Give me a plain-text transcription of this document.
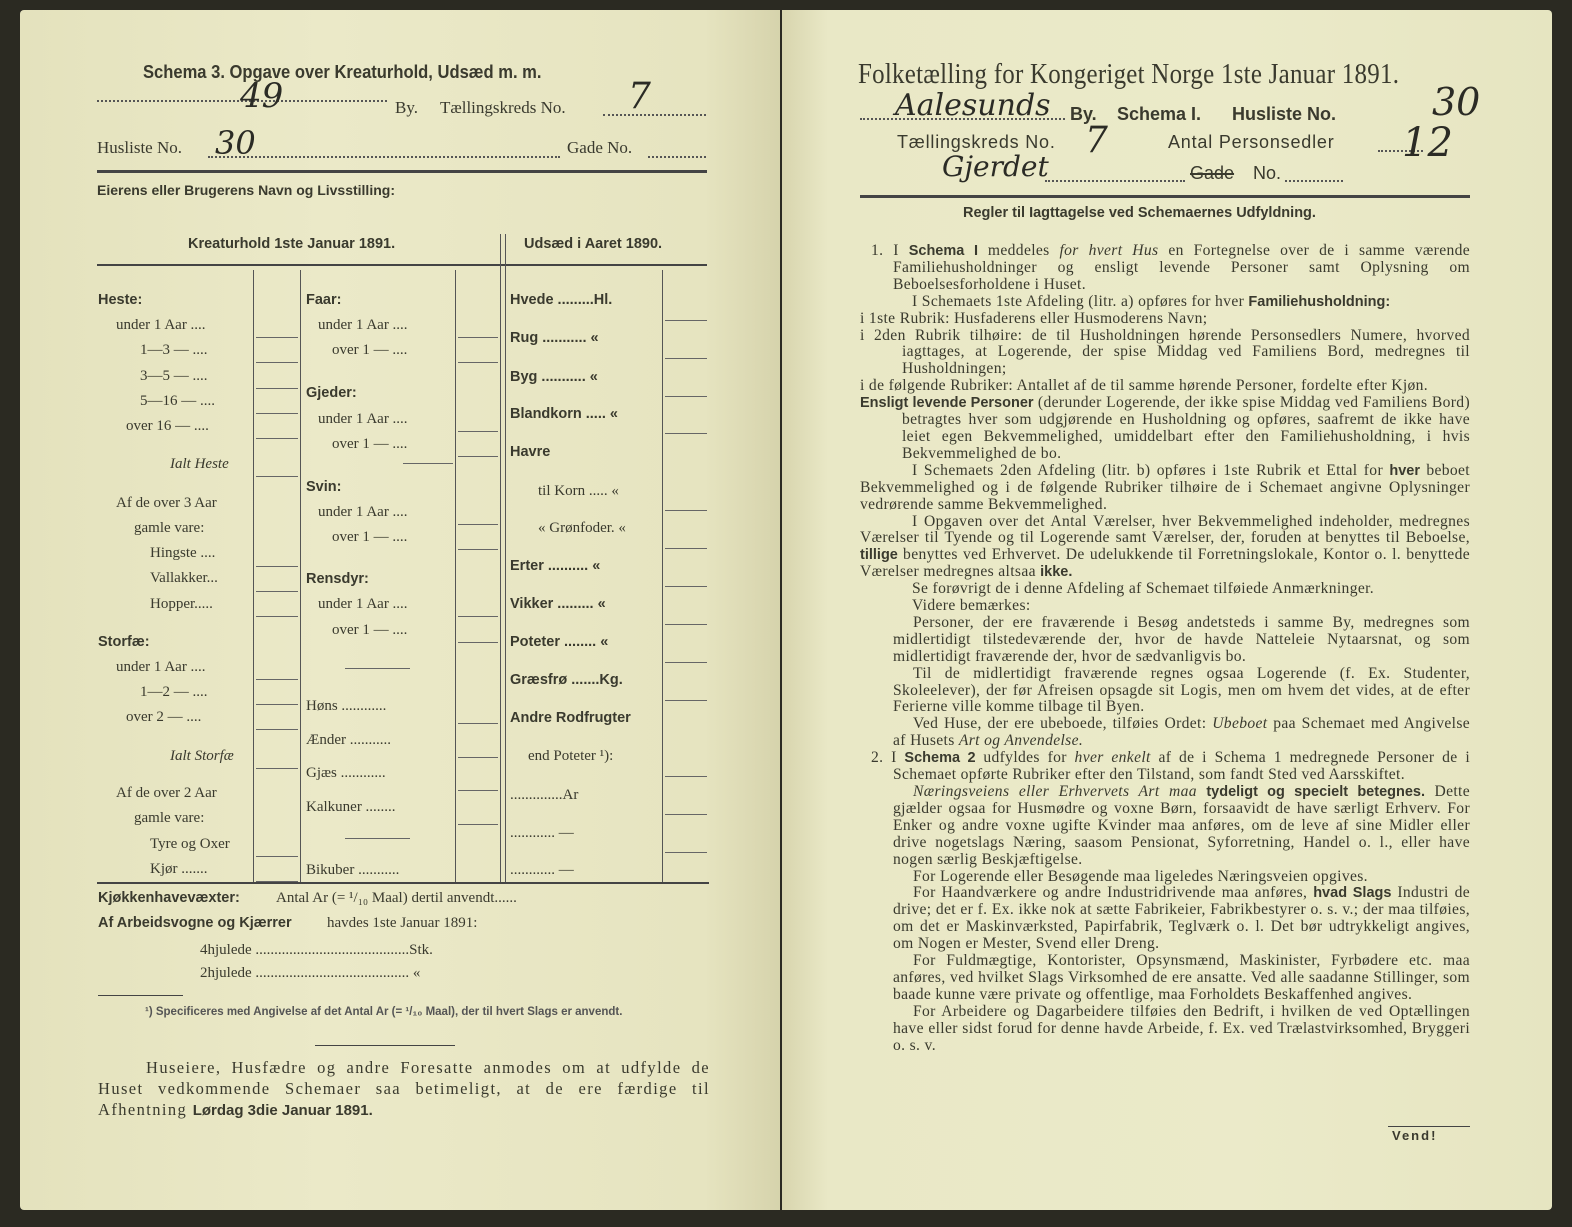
Schema 3. Opgave over Kreaturhold, Udsæd m. m.
49	By. Tællingskreds No. 7
Husliste No. 30	Gade No.
Eierens eller Brugerens Navn og Livsstilling:
Kreaturhold 1ste Januar 1891.	Udsæd i Aaret 1890.
Heste:
under 1 Aar ....
1—3 — ....
3—5 — ....
5—16 — ....
over 16 — ....
Ialt Heste
Af de over 3 Aar
gamle vare:
Hingste ....
Vallakker...
Hopper.....
Storfæ:
under 1 Aar ....
1—2 — ....
over 2 — ....
Ialt Storfæ
Af de over 2 Aar
gamle vare:
Tyre og Oxer
Kjør .......
Faar:
under 1 Aar ....
over 1 — ....
Gjeder:
under 1 Aar ....
over 1 — ....
Svin:
under 1 Aar ....
over 1 — ....
Rensdyr:
under 1 Aar ....
over 1 — ....
Høns ............
Ænder ...........
Gjæs ............
Kalkuner ........
Bikuber ...........
Hvede .........Hl.
Rug ........... «
Byg ........... «
Blandkorn ..... «
Havre
til Korn ..... «
« Grønfoder. «
Erter .......... «
Vikker ......... «
Poteter ........ «
Græsfrø .......Kg.
Andre Rodfrugter
end Poteter ¹):
..............Ar
............ —
............ —
Kjøkkenhavevæxter: Antal Ar (= ¹/₁₀ Maal) dertil anvendt......
Af Arbeidsvogne og Kjærrer havdes 1ste Januar 1891:
4hjulede .........................................Stk.
2hjulede ......................................... «
¹) Specificeres med Angivelse af det Antal Ar (= ¹/₁₀ Maal), der til hvert Slags er anvendt.
Huseiere, Husfædre og andre Foresatte anmodes om at udfylde de Huset vedkommende Schemaer saa betimeligt, at de ere færdige til Afhentning Lørdag 3die Januar 1891.
Folketælling for Kongeriget Norge 1ste Januar 1891.
Aalesunds By. Schema I. Husliste No.	30
Tællingskreds No. 7	Antal Personsedler 12
Gjerdet	Gade No.
Regler til Iagttagelse ved Schemaernes Udfyldning.

1. I Schema I meddeles for hvert Hus en Fortegnelse over de i samme værende Familiehusholdninger og ensligt levende Personer samt Oplysning om Beboelsesforholdene i Huset.

I Schemaets 1ste Afdeling (litr. a) opføres for hver Familiehusholdning:

i 1ste Rubrik: Husfaderens eller Husmoderens Navn;

i 2den Rubrik tilhøire: de til Husholdningen hørende Personsedlers Numere, hvorved iagttages, at Logerende, der spise Middag ved Familiens Bord, medregnes til Husholdningen;

i de følgende Rubriker: Antallet af de til samme hørende Personer, fordelte efter Kjøn.

Ensligt levende Personer (derunder Logerende, der ikke spise Middag ved Familiens Bord) betragtes hver som udgjørende en Husholdning og opføres, saafremt de ikke have leiet egen Bekvemmelighed, umiddelbart efter den Familiehusholdning, i hvis Bekvemmelighed de bo.

I Schemaets 2den Afdeling (litr. b) opføres i 1ste Rubrik et Ettal for hver beboet Bekvemmelighed og i de følgende Rubriker tilhøire de i Schemaet angivne Oplysninger vedrørende samme Bekvemmelighed.

I Opgaven over det Antal Værelser, hver Bekvemmelighed indeholder, medregnes Værelser til Tyende og til Logerende samt Værelser, der, foruden at benyttes til Beboelse, tillige benyttes ved Erhvervet. De udelukkende til Forretningslokale, Kontor o. l. benyttede Værelser medregnes altsaa ikke.

Se forøvrigt de i denne Afdeling af Schemaet tilføiede Anmærkninger.

Videre bemærkes:

Personer, der ere fraværende i Besøg andetsteds i samme By, medregnes som midlertidigt tilstedeværende der, hvor de havde Natteleie Nytaarsnat, og som midlertidigt fraværende der, hvor de sædvanligvis bo.

Til de midlertidigt fraværende regnes ogsaa Logerende (f. Ex. Studenter, Skoleelever), der før Afreisen opsagde sit Logis, men om hvem det vides, at de efter Ferierne ville komme tilbage til Byen.

Ved Huse, der ere ubeboede, tilføies Ordet: Ubeboet paa Schemaet med Angivelse af Husets Art og Anvendelse.

2. I Schema 2 udfyldes for hver enkelt af de i Schema 1 medregnede Personer de i Schemaet opførte Rubriker efter den Tilstand, som fandt Sted ved Aarsskiftet.

Næringsveiens eller Erhvervets Art maa tydeligt og specielt betegnes. Dette gjælder ogsaa for Husmødre og voxne Børn, forsaavidt de have særligt Erhverv. For Enker og andre voxne ugifte Kvinder maa anføres, om de leve af sine Midler eller drive nogetslags Næring, saasom Pensionat, Syforretning, Handel o. l., eller have nogen særlig Beskjæftigelse.

For Logerende eller Besøgende maa ligeledes Næringsveien opgives.

For Haandværkere og andre Industridrivende maa anføres, hvad Slags Industri de drive; det er f. Ex. ikke nok at sætte Fabrikeier, Fabrikbestyrer o. s. v.; der maa tilføies, om det er Maskinværksted, Papirfabrik, Teglværk o. l. Det bør udtrykkeligt angives, om Nogen er Mester, Svend eller Dreng.

For Fuldmægtige, Kontorister, Opsynsmænd, Maskinister, Fyrbødere etc. maa anføres, ved hvilket Slags Virksomhed de ere ansatte. Ved alle saadanne Stillinger, som baade kunne være private og offentlige, maa Forholdets Beskaffenhed angives.

For Arbeidere og Dagarbeidere tilføies den Bedrift, i hvilken de ved Optællingen have eller sidst forud for denne havde Arbeide, f. Ex. ved Trælastvirksomhed, Bryggeri o. s. v.

Vend!
